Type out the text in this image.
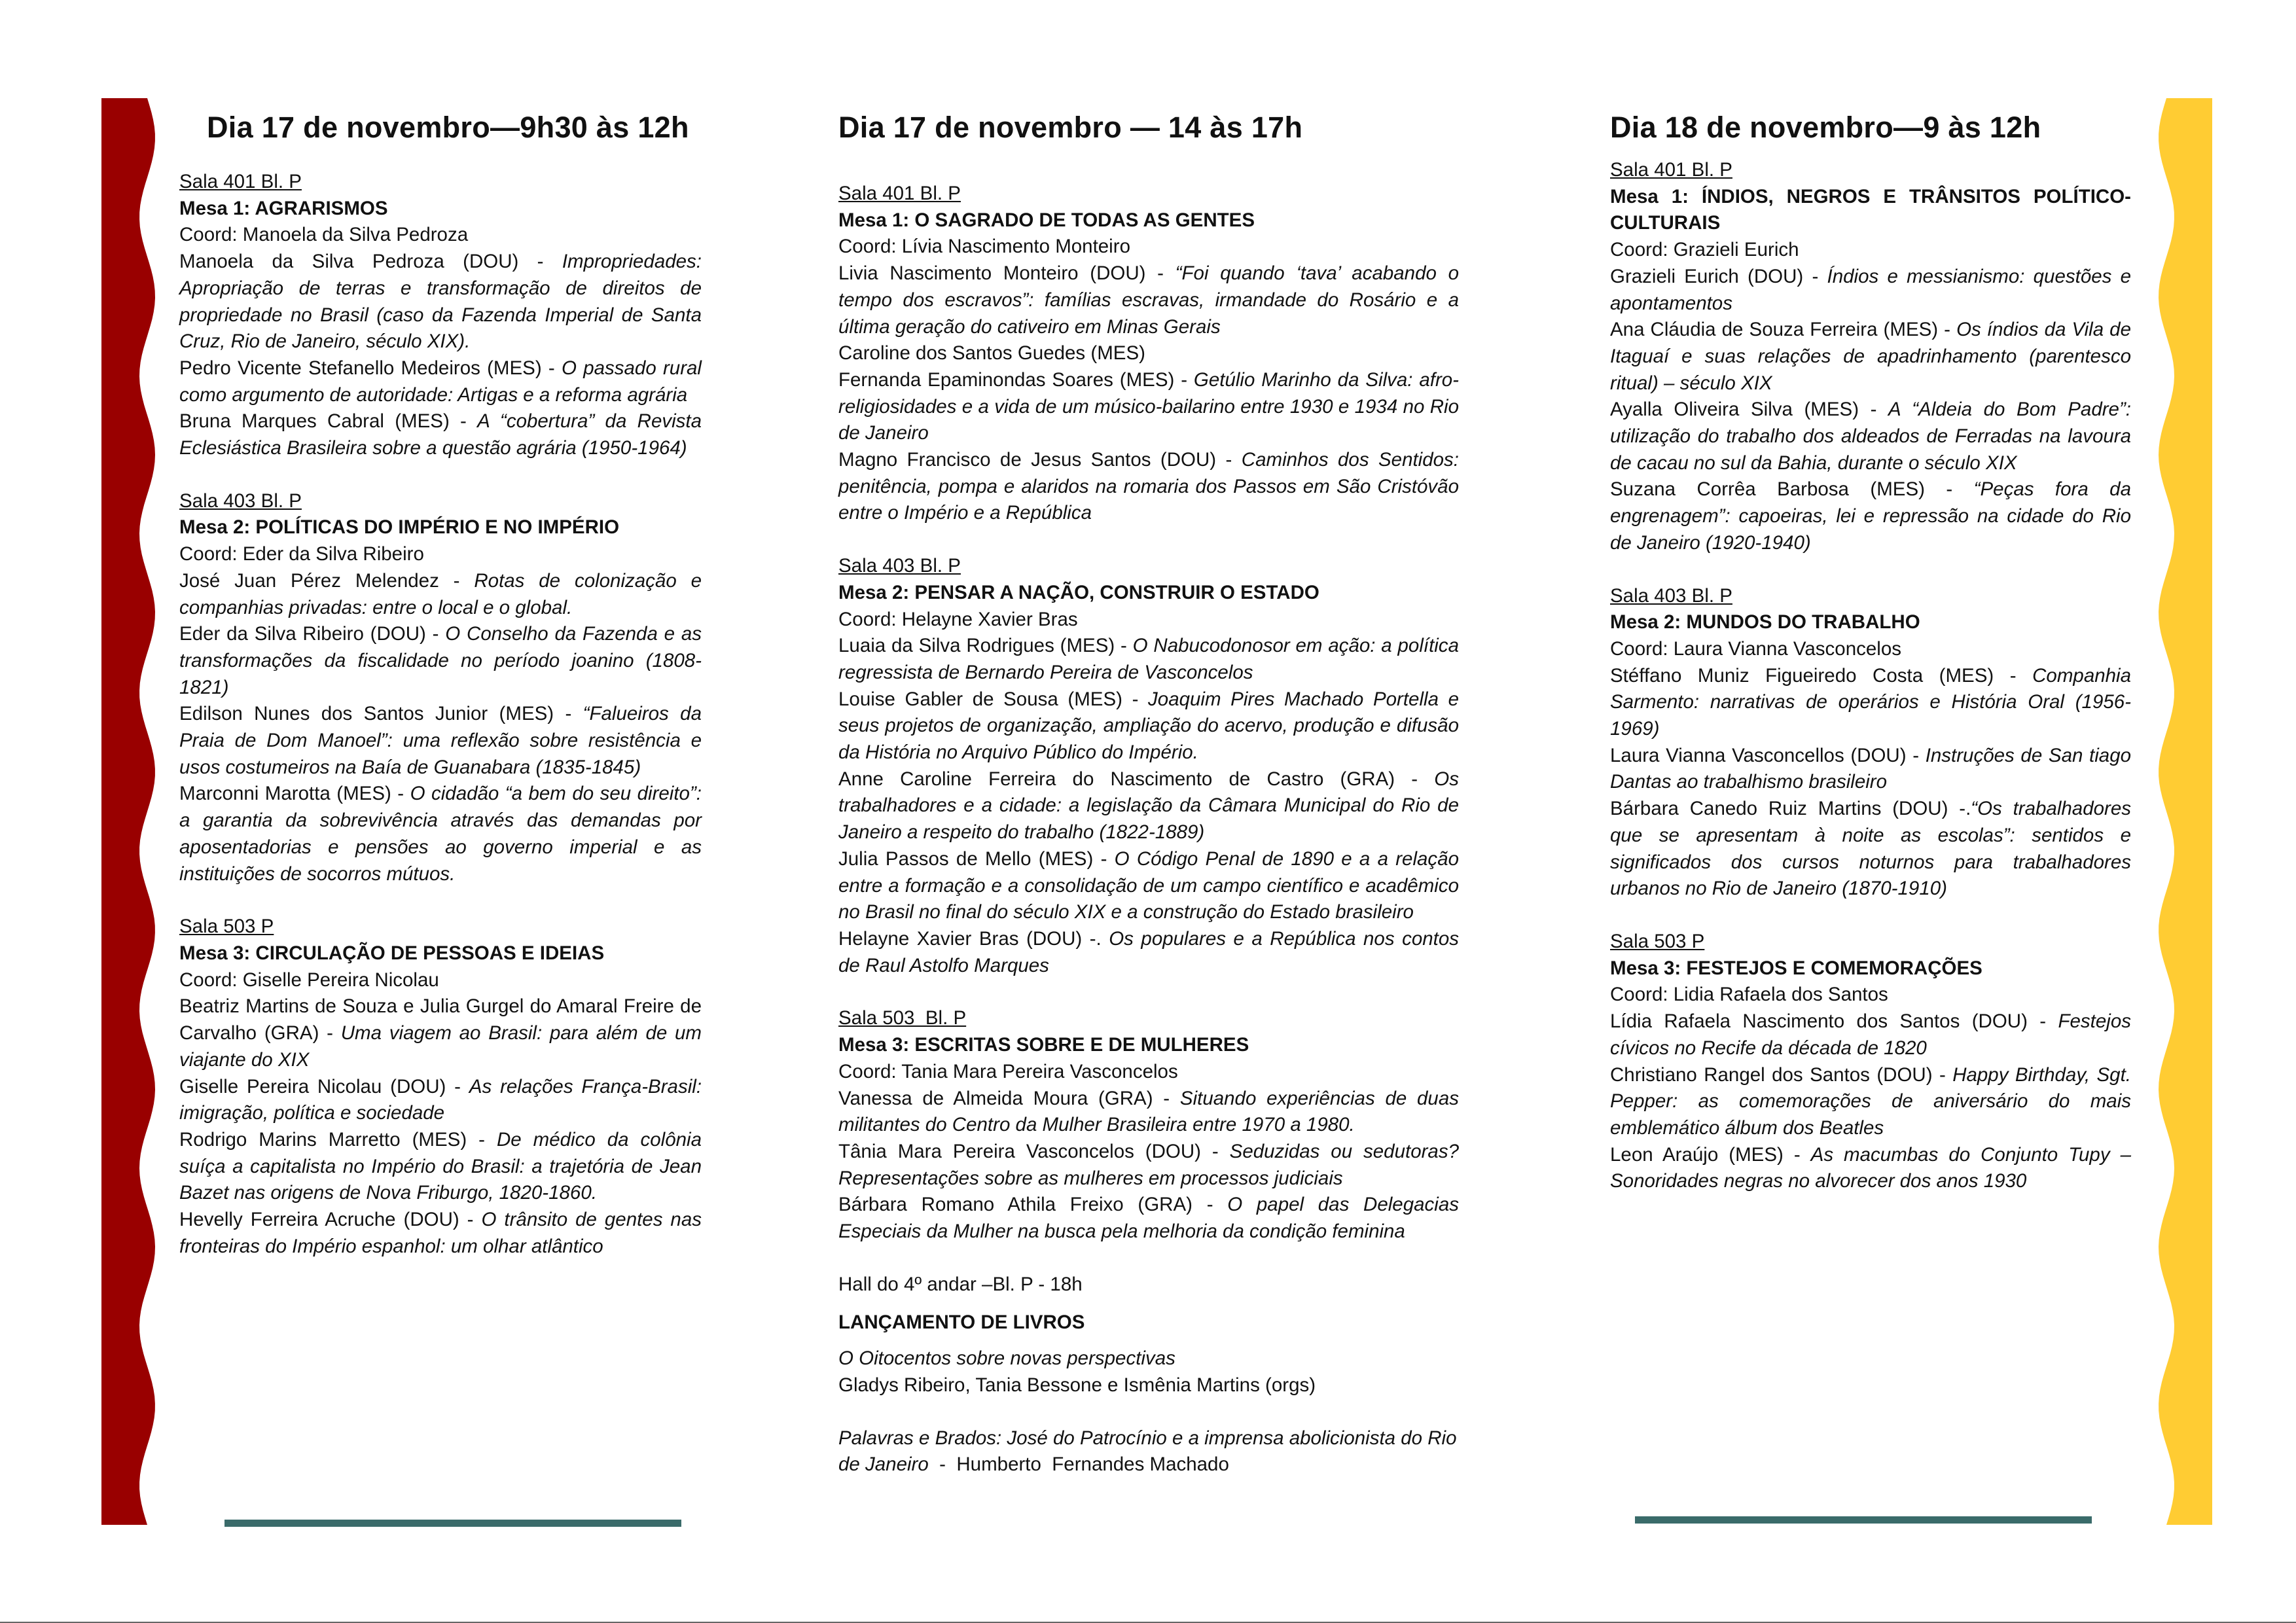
Dia 17 de novembro—9h30 às 12h

Sala 401 Bl. P

Mesa 1: AGRARISMOS

Coord: Manoela da Silva Pedroza

Manoela da Silva Pedroza (DOU) - Impropriedades: Apropriação de terras e transformação de direitos de propriedade no Brasil (caso da Fazenda Imperial de Santa Cruz, Rio de Janeiro, século XIX).

Pedro Vicente Stefanello Medeiros (MES) - O passado rural como argumento de autoridade: Artigas e a reforma agrária

Bruna Marques Cabral (MES) - A “cobertura” da Revista Eclesiástica Brasileira sobre a questão agrária (1950-1964)

Sala 403 Bl. P

Mesa 2: POLÍTICAS DO IMPÉRIO E NO IMPÉRIO

Coord: Eder da Silva Ribeiro

José Juan Pérez Melendez - Rotas de colonização e companhias privadas: entre o local e o global.

Eder da Silva Ribeiro (DOU) - O Conselho da Fazenda e as transformações da fiscalidade no período joanino (1808-1821)

Edilson Nunes dos Santos Junior (MES) - “Falueiros da Praia de Dom Manoel”: uma reflexão sobre resistência e usos costumeiros na Baía de Guanabara (1835-1845)

Marconni Marotta (MES) - O cidadão “a bem do seu direito”: a garantia da sobrevivência através das demandas por aposentadorias e pensões ao governo imperial e as instituições de socorros mútuos.

Sala 503 P

Mesa 3: CIRCULAÇÃO DE PESSOAS E IDEIAS

Coord: Giselle Pereira Nicolau

Beatriz Martins de Souza e Julia Gurgel do Amaral Freire de Carvalho (GRA) - Uma viagem ao Brasil: para além de um viajante do XIX

Giselle Pereira Nicolau (DOU) - As relações França-Brasil: imigração, política e sociedade

Rodrigo Marins Marretto (MES) - De médico da colônia suíça a capitalista no Império do Brasil: a trajetória de Jean Bazet nas origens de Nova Friburgo, 1820-1860.

Hevelly Ferreira Acruche (DOU) - O trânsito de gentes nas fronteiras do Império espanhol: um olhar atlântico

Dia 17 de novembro — 14 às 17h

Sala 401 Bl. P

Mesa 1: O SAGRADO DE TODAS AS GENTES

Coord: Lívia Nascimento Monteiro

Livia Nascimento Monteiro (DOU) - “Foi quando ‘tava’ acabando o tempo dos escravos”: famílias escravas, irmandade do Rosário e a última geração do cativeiro em Minas Gerais

Caroline dos Santos Guedes (MES)

Fernanda Epaminondas Soares (MES) - Getúlio Marinho da Silva: afro-religiosidades e a vida de um músico-bailarino entre 1930 e 1934 no Rio de Janeiro

Magno Francisco de Jesus Santos (DOU) - Caminhos dos Sentidos: penitência, pompa e alaridos na romaria dos Passos em São Cristóvão entre o Império e a República

Sala 403 Bl. P

Mesa 2: PENSAR A NAÇÃO, CONSTRUIR O ESTADO

Coord: Helayne Xavier Bras

Luaia da Silva Rodrigues (MES) - O Nabucodonosor em ação: a política regressista de Bernardo Pereira de Vasconcelos

Louise Gabler de Sousa (MES) - Joaquim Pires Machado Portella e seus projetos de organização, ampliação do acervo, produção e difusão da História no Arquivo Público do Império.

Anne Caroline Ferreira do Nascimento de Castro (GRA) - Os trabalhadores e a cidade: a legislação da Câmara Municipal do Rio de Janeiro a respeito do trabalho (1822-1889)

Julia Passos de Mello (MES) - O Código Penal de 1890 e a a relação entre a formação e a consolidação de um campo científico e acadêmico no Brasil no final do século XIX e a construção do Estado brasileiro

Helayne Xavier Bras (DOU) -. Os populares e a República nos contos de Raul Astolfo Marques

Sala 503  Bl. P

Mesa 3: ESCRITAS SOBRE E DE MULHERES

Coord: Tania Mara Pereira Vasconcelos

Vanessa de Almeida Moura (GRA) - Situando experiências de duas militantes do Centro da Mulher Brasileira entre 1970 a 1980.

Tânia Mara Pereira Vasconcelos (DOU) - Seduzidas ou sedutoras? Representações sobre as mulheres em processos judiciais

Bárbara Romano Athila Freixo (GRA) - O papel das Delegacias Especiais da Mulher na busca pela melhoria da condição feminina

Hall do 4º andar –Bl. P - 18h

LANÇAMENTO DE LIVROS

O Oitocentos sobre novas perspectivas

Gladys Ribeiro, Tania Bessone e Ismênia Martins (orgs)

Palavras e Brados: José do Patrocínio e a imprensa abolicionista do Rio de Janeiro  -  Humberto  Fernandes Machado

Dia 18 de novembro—9 às 12h

Sala 401 Bl. P

Mesa 1: ÍNDIOS, NEGROS E TRÂNSITOS POLÍTICO-CULTURAIS

Coord: Grazieli Eurich

Grazieli Eurich (DOU) - Índios e messianismo: questões e apontamentos

Ana Cláudia de Souza Ferreira (MES) - Os índios da Vila de Itaguaí e suas relações de apadrinhamento (parentesco ritual) – século XIX

Ayalla Oliveira Silva (MES) - A “Aldeia do Bom Padre”: utilização do trabalho dos aldeados de Ferradas na lavoura de cacau no sul da Bahia, durante o século XIX

Suzana Corrêa Barbosa (MES) - “Peças fora da engrenagem”: capoeiras, lei e repressão na cidade do Rio de Janeiro (1920-1940)

Sala 403 Bl. P

Mesa 2: MUNDOS DO TRABALHO

Coord: Laura Vianna Vasconcelos

Stéffano Muniz Figueiredo Costa (MES) - Companhia Sarmento: narrativas de operários e História Oral (1956-1969)

Laura Vianna Vasconcellos (DOU) - Instruções de San tiago Dantas ao trabalhismo brasileiro

Bárbara Canedo Ruiz Martins (DOU) -.“Os trabalhadores que se apresentam à noite as escolas”: sentidos e significados dos cursos noturnos para trabalhadores urbanos no Rio de Janeiro (1870-1910)

Sala 503 P

Mesa 3: FESTEJOS E COMEMORAÇÕES

Coord: Lidia Rafaela dos Santos

Lídia Rafaela Nascimento dos Santos (DOU) - Festejos cívicos no Recife da década de 1820

Christiano Rangel dos Santos (DOU) - Happy Birthday, Sgt. Pepper: as comemorações de aniversário do mais emblemático álbum dos Beatles

Leon Araújo (MES) - As macumbas do Conjunto Tupy – Sonoridades negras no alvorecer dos anos 1930
